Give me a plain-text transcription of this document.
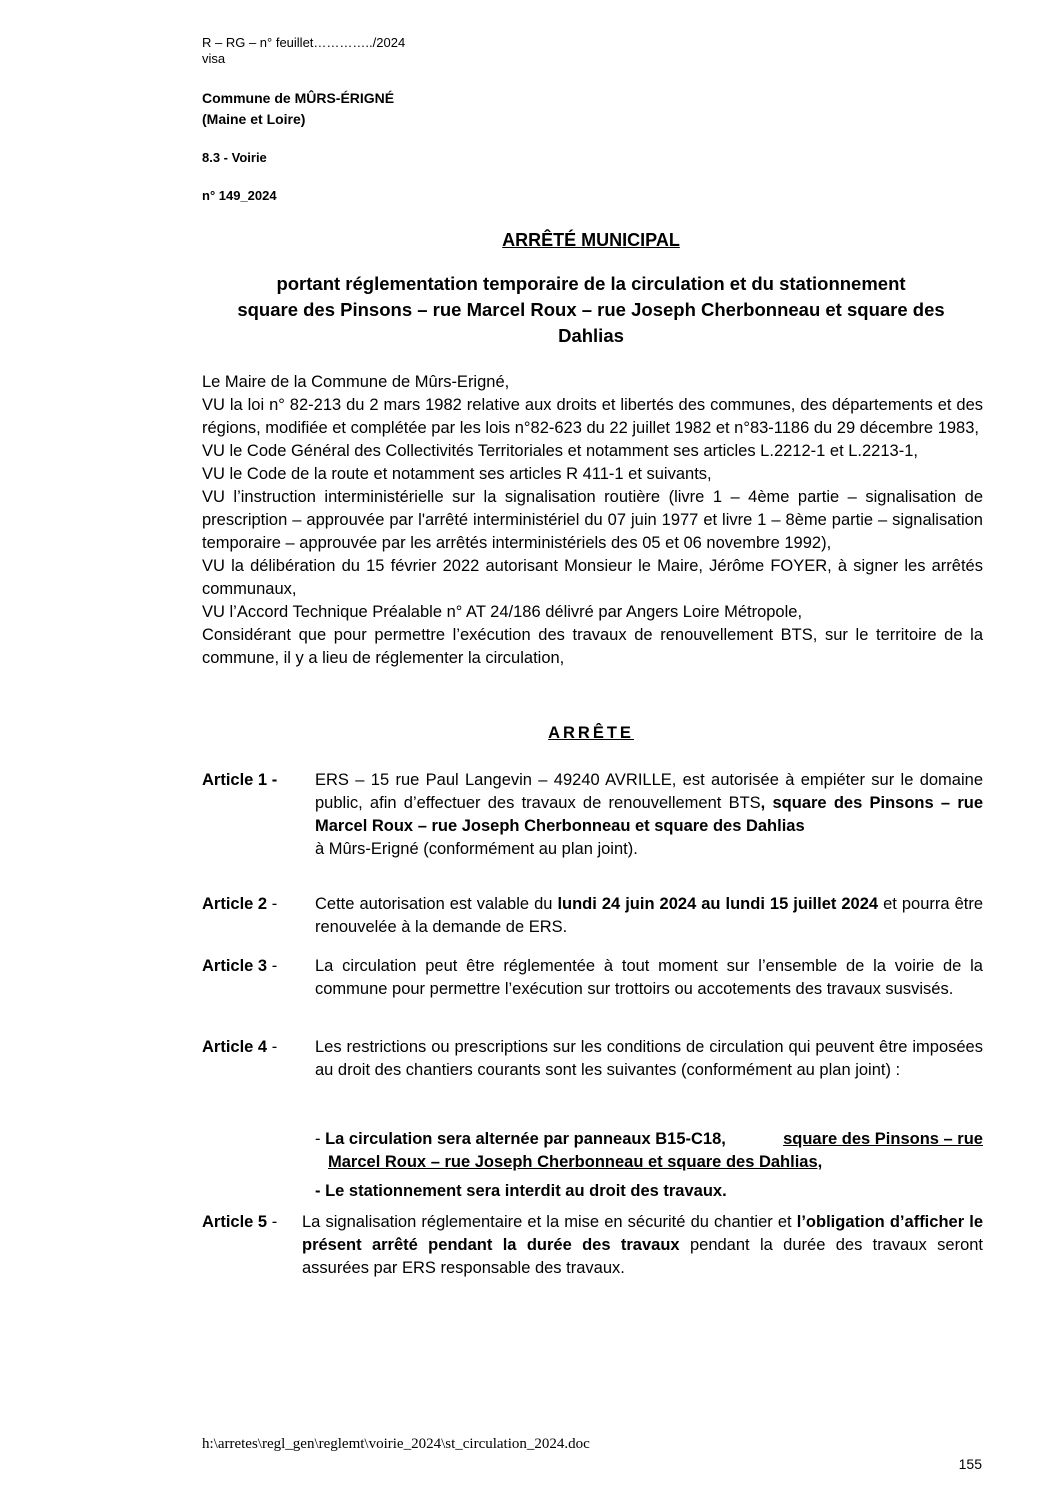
R – RG – n° feuillet…………../2024
visa
Commune de MÛRS-ÉRIGNÉ
(Maine et Loire)
8.3 - Voirie
n° 149_2024
ARRÊTÉ MUNICIPAL
portant réglementation temporaire de la circulation et du stationnement
square des Pinsons – rue Marcel Roux – rue Joseph Cherbonneau et square des
Dahlias

Le Maire de la Commune de Mûrs-Erigné,

VU la loi n° 82-213 du 2 mars 1982 relative aux droits et libertés des communes, des départements et des régions, modifiée et complétée par les lois n°82-623 du 22 juillet 1982 et n°83-1186 du 29 décembre 1983,

VU le Code Général des Collectivités Territoriales et notamment ses articles L.2212-1 et L.2213-1,

VU le Code de la route et notamment ses articles R 411-1 et suivants,

VU l’instruction interministérielle sur la signalisation routière (livre 1 – 4ème partie – signalisation de prescription – approuvée par l'arrêté interministériel du 07 juin 1977 et livre 1 – 8ème partie – signalisation temporaire – approuvée par les arrêtés interministériels des 05 et 06 novembre 1992),

VU la délibération du 15 février 2022 autorisant Monsieur le Maire, Jérôme FOYER, à signer les arrêtés communaux,

VU l’Accord Technique Préalable n° AT 24/186 délivré par Angers Loire Métropole,

Considérant que pour permettre l’exécution des travaux de renouvellement BTS, sur le territoire de la commune, il y a lieu de réglementer la circulation,

ARRÊTE
Article 1 - ERS – 15 rue Paul Langevin – 49240 AVRILLE, est autorisée à empiéter sur le domaine public, afin d’effectuer des travaux de renouvellement BTS, square des Pinsons – rue Marcel Roux – rue Joseph Cherbonneau et square des Dahlias

à Mûrs-Erigné (conformément au plan joint).

Article 2 - Cette autorisation est valable du lundi 24 juin 2024 au lundi 15 juillet 2024 et pourra être renouvelée à la demande de ERS.

Article 3 - La circulation peut être réglementée à tout moment sur l’ensemble de la voirie de la commune pour permettre l’exécution sur trottoirs ou accotements des travaux susvisés.

Article 4 - Les restrictions ou prescriptions sur les conditions de circulation qui peuvent être imposées au droit des chantiers courants sont les suivantes (conformément au plan joint) :

- La circulation sera alternée par panneaux B15-C18,	square des Pinsons – rue
Marcel Roux – rue Joseph Cherbonneau et square des Dahlias,
- Le stationnement sera interdit au droit des travaux.
Article 5 - La signalisation réglementaire et la mise en sécurité du chantier et l’obligation d’afficher le présent arrêté pendant la durée des travaux pendant la durée des travaux seront assurées par ERS responsable des travaux.

h:\arretes\regl_gen\reglemt\voirie_2024\st_circulation_2024.doc
155
